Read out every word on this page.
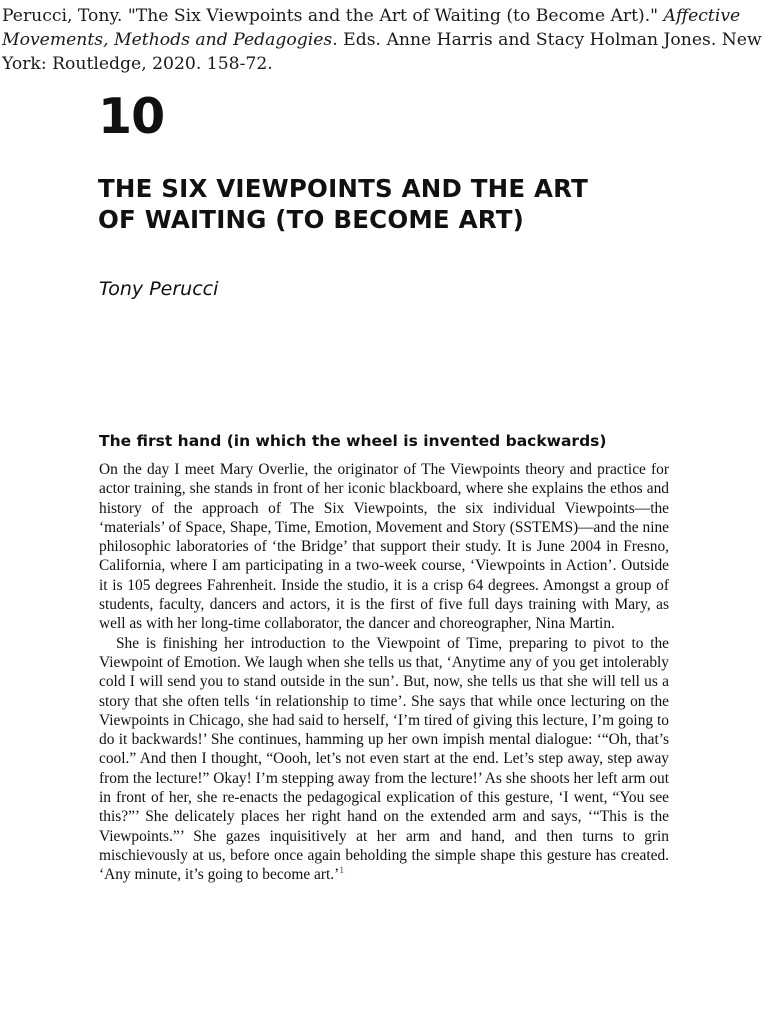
Perucci, Tony. "The Six Viewpoints and the Art of Waiting (to Become Art)." Affective Movements, Methods and Pedagogies. Eds. Anne Harris and Stacy Holman Jones. New York: Routledge, 2020. 158-72.
10
THE SIX VIEWPOINTS AND THE ART
OF WAITING (TO BECOME ART)
Tony Perucci
The first hand (in which the wheel is invented backwards)

On the day I meet Mary Overlie, the originator of The Viewpoints theory and practice for actor training, she stands in front of her iconic blackboard, where she explains the ethos and history of the approach of The Six Viewpoints, the six individual Viewpoints—the ‘materials’ of Space, Shape, Time, Emotion, Movement and Story (SSTEMS)—and the nine philosophic laboratories of ‘the Bridge’ that support their study. It is June 2004 in Fresno, California, where I am participating in a two-week course, ‘Viewpoints in Action’. Outside it is 105 degrees Fahrenheit. Inside the studio, it is a crisp 64 degrees. Amongst a group of students, faculty, dancers and actors, it is the first of five full days training with Mary, as well as with her long-time collaborator, the dancer and choreographer, Nina Martin.

She is finishing her introduction to the Viewpoint of Time, preparing to pivot to the Viewpoint of Emotion. We laugh when she tells us that, ‘Anytime any of you get intolerably cold I will send you to stand outside in the sun’. But, now, she tells us that she will tell us a story that she often tells ‘in relationship to time’. She says that while once lecturing on the Viewpoints in Chicago, she had said to herself, ‘I’m tired of giving this lecture, I’m going to do it backwards!’ She continues, hamming up her own impish mental dialogue: ‘“Oh, that’s cool.” And then I thought, “Oooh, let’s not even start at the end. Let’s step away, step away from the lecture!” Okay! I’m stepping away from the lecture!’ As she shoots her left arm out in front of her, she re-enacts the pedagogical explication of this gesture, ‘I went, “You see this?”’ She delicately places her right hand on the extended arm and says, ‘“This is the Viewpoints.”’ She gazes inquisitively at her arm and hand, and then turns to grin mischievously at us, before once again beholding the simple shape this gesture has created. ‘Any minute, it’s going to become art.’$^1$
